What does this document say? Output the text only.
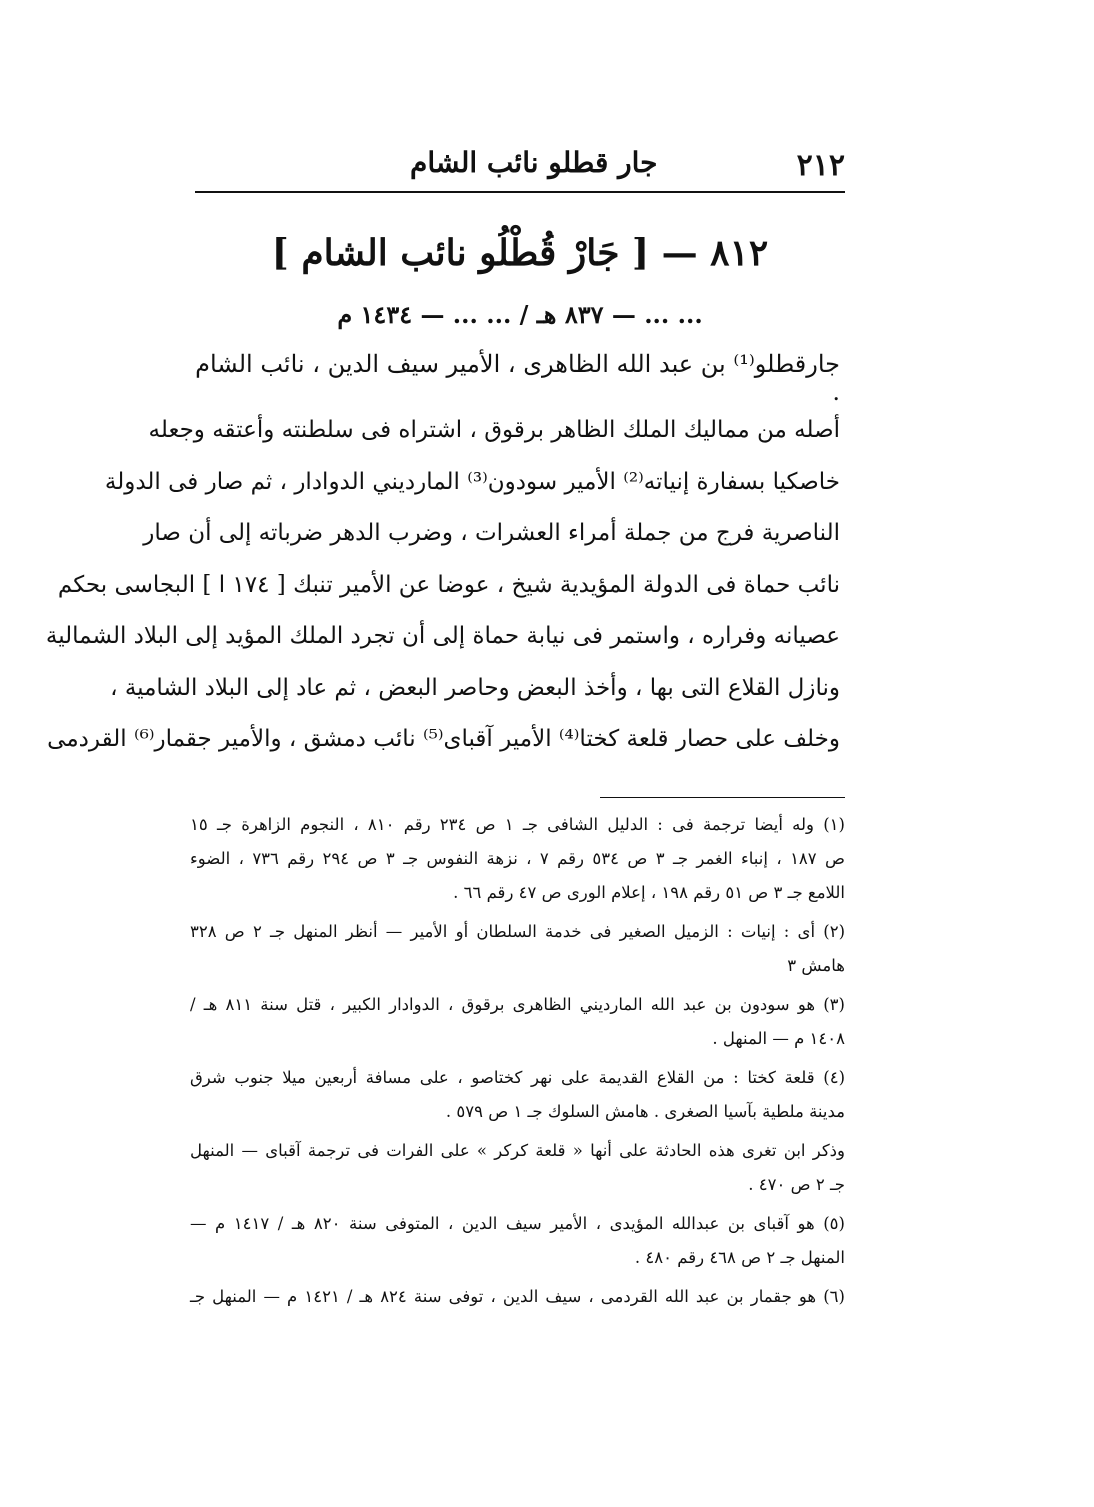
٢١٢
جار قطلو نائب الشام
٨١٢ — [ جَارْ قُطْلُو نائب الشام ]
... ... — ٨٣٧ هـ / ... ... — ١٤٣٤ م
جارقطلو⁽¹⁾ بن عبد الله الظاهرى ، الأمير سيف الدين ، نائب الشام .
أصله من مماليك الملك الظاهر برقوق ، اشتراه فى سلطنته وأعتقه وجعله
خاصكيا بسفارة إنياته⁽²⁾ الأمير سودون⁽³⁾ المارديني الدوادار ، ثم صار فى الدولة
الناصرية فرج من جملة أمراء العشرات ، وضرب الدهر ضرباته إلى أن صار
نائب حماة فى الدولة المؤيدية شيخ ، عوضا عن الأمير تنبك [ ١٧٤ ا ] البجاسى بحكم
عصيانه وفراره ، واستمر فى نيابة حماة إلى أن تجرد الملك المؤيد إلى البلاد الشمالية
ونازل القلاع التى بها ، وأخذ البعض وحاصر البعض ، ثم عاد إلى البلاد الشامية ،
وخلف على حصار قلعة كختا⁽⁴⁾ الأمير آقباى⁽⁵⁾ نائب دمشق ، والأمير جقمار⁽⁶⁾ القردمى
(١) وله أيضا ترجمة فى : الدليل الشافى جـ ١ ص ٢٣٤ رقم ٨١٠ ، النجوم الزاهرة جـ ١٥
ص ١٨٧ ، إنباء الغمر جـ ٣ ص ٥٣٤ رقم ٧ ، نزهة النفوس جـ ٣ ص ٢٩٤ رقم ٧٣٦ ، الضوء
اللامع جـ ٣ ص ٥١ رقم ١٩٨ ، إعلام الورى ص ٤٧ رقم ٦٦ .
(٢) أى : إنيات : الزميل الصغير فى خدمة السلطان أو الأمير — أنظر المنهل جـ ٢ ص ٣٢٨
هامش ٣
(٣) هو سودون بن عبد الله المارديني الظاهرى برقوق ، الدوادار الكبير ، قتل سنة ٨١١ هـ /
١٤٠٨ م — المنهل .
(٤) قلعة كختا : من القلاع القديمة على نهر كختاصو ، على مسافة أربعين ميلا جنوب شرق
مدينة ملطية بآسيا الصغرى . هامش السلوك جـ ١ ص ٥٧٩ .
وذكر ابن تغرى هذه الحادثة على أنها « قلعة كركر » على الفرات فى ترجمة آقباى — المنهل
جـ ٢ ص ٤٧٠ .
(٥) هو آقباى بن عبدالله المؤيدى ، الأمير سيف الدين ، المتوفى سنة ٨٢٠ هـ / ١٤١٧ م —
المنهل جـ ٢ ص ٤٦٨ رقم ٤٨٠ .
(٦) هو جقمار بن عبد الله القردمى ، سيف الدين ، توفى سنة ٨٢٤ هـ / ١٤٢١ م — المنهل جـ
